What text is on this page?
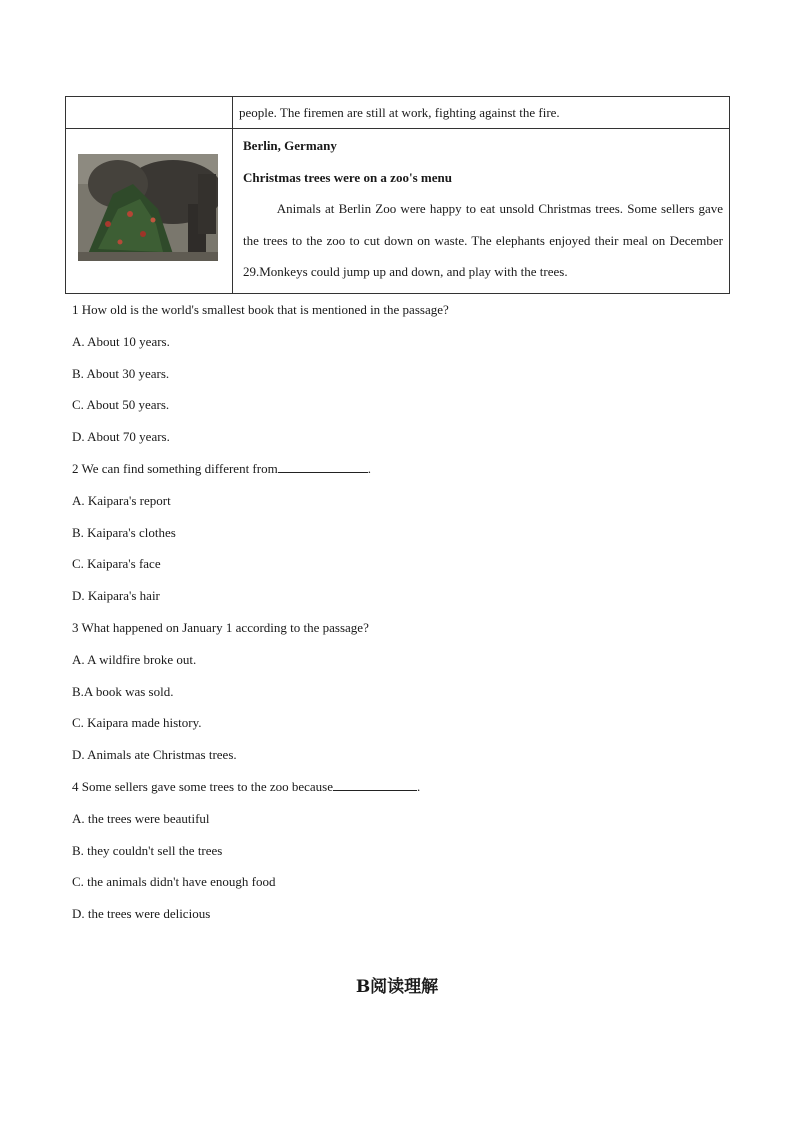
	people. The firemen are still at work, fighting against the fire.

Berlin, Germany

Christmas trees were on a zoo's menu

Animals at Berlin Zoo were happy to eat unsold Christmas trees. Some sellers gave the trees to the zoo to cut down on waste. The elephants enjoyed their meal on December 29.Monkeys could jump up and down, and play with the trees.

1 How old is the world's smallest book that is mentioned in the passage?
A. About 10 years.
B. About 30 years.
C. About 50 years.
D. About 70 years.
2 We can find something different from	.
A. Kaipara's report
B. Kaipara's clothes
C. Kaipara's face
D. Kaipara's hair
3 What happened on January 1 according to the passage?
A. A wildfire broke out.
B.A book was sold.
C. Kaipara made history.
D. Animals ate Christmas trees.
4 Some sellers gave some trees to the zoo because	.
A. the trees were beautiful
B. they couldn't sell the trees
C. the animals didn't have enough food
D. the trees were delicious
B阅读理解
